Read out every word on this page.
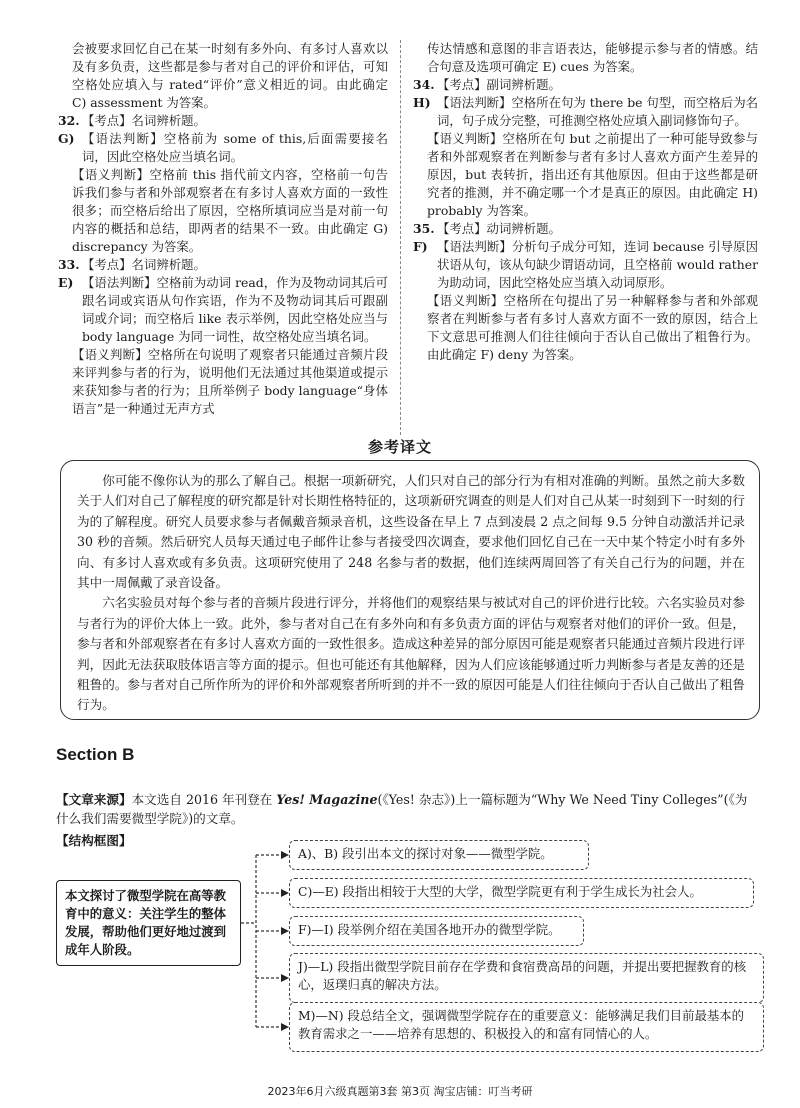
会被要求回忆自己在某一时刻有多外向、有多讨人喜欢以及有多负责，这些都是参与者对自己的评价和评估，可知空格处应填入与 rated“评价”意义相近的词。由此确定 C) assessment 为答案。

32. 【考点】名词辨析题。
G) 【语法判断】空格前为 some of this,后面需要接名词，因此空格处应当填名词。

【语义判断】空格前 this 指代前文内容，空格前一句告诉我们参与者和外部观察者在有多讨人喜欢方面的一致性很多；而空格后给出了原因，空格所填词应当是对前一句内容的概括和总结，即两者的结果不一致。由此确定 G) discrepancy 为答案。

33. 【考点】名词辨析题。
E) 【语法判断】空格前为动词 read，作为及物动词其后可跟名词或宾语从句作宾语，作为不及物动词其后可跟副词或介词；而空格后 like 表示举例，因此空格处应当与 body language 为同一词性，故空格处应当填名词。

【语义判断】空格所在句说明了观察者只能通过音频片段来评判参与者的行为，说明他们无法通过其他渠道或提示来获知参与者的行为；且所举例子 body language“身体语言”是一种通过无声方式

传达情感和意图的非言语表达，能够提示参与者的情感。结合句意及选项可确定 E) cues 为答案。

34. 【考点】副词辨析题。
H) 【语法判断】空格所在句为 there be 句型，而空格后为名词，句子成分完整，可推测空格处应填入副词修饰句子。

【语义判断】空格所在句 but 之前提出了一种可能导致参与者和外部观察者在判断参与者有多讨人喜欢方面产生差异的原因，but 表转折，指出还有其他原因。但由于这些都是研究者的推测，并不确定哪一个才是真正的原因。由此确定 H) probably 为答案。

35. 【考点】动词辨析题。
F) 【语法判断】分析句子成分可知，连词 because 引导原因状语从句，该从句缺少谓语动词，且空格前 would rather 为助动词，因此空格处应当填入动词原形。

【语义判断】空格所在句提出了另一种解释参与者和外部观察者在判断参与者有多讨人喜欢方面不一致的原因，结合上下文意思可推测人们往往倾向于否认自己做出了粗鲁行为。由此确定 F) deny 为答案。

参考译文

你可能不像你认为的那么了解自己。根据一项新研究，人们只对自己的部分行为有相对准确的判断。虽然之前大多数关于人们对自己了解程度的研究都是针对长期性格特征的，这项新研究调查的则是人们对自己从某一时刻到下一时刻的行为的了解程度。研究人员要求参与者佩戴音频录音机，这些设备在早上 7 点到凌晨 2 点之间每 9.5 分钟自动激活并记录 30 秒的音频。然后研究人员每天通过电子邮件让参与者接受四次调查，要求他们回忆自己在一天中某个特定小时有多外向、有多讨人喜欢或有多负责。这项研究使用了 248 名参与者的数据，他们连续两周回答了有关自己行为的问题，并在其中一周佩戴了录音设备。

六名实验员对每个参与者的音频片段进行评分，并将他们的观察结果与被试对自己的评价进行比较。六名实验员对参与者行为的评价大体上一致。此外，参与者对自己在有多外向和有多负责方面的评估与观察者对他们的评价一致。但是，参与者和外部观察者在有多讨人喜欢方面的一致性很多。造成这种差异的部分原因可能是观察者只能通过音频片段进行评判，因此无法获取肢体语言等方面的提示。但也可能还有其他解释，因为人们应该能够通过听力判断参与者是友善的还是粗鲁的。参与者对自己所作所为的评价和外部观察者所听到的并不一致的原因可能是人们往往倾向于否认自己做出了粗鲁行为。

Section B
【文章来源】本文选自 2016 年刊登在 Yes! Magazine(《Yes! 杂志》)上一篇标题为“Why We Need Tiny Colleges”(《为什么我们需要微型学院》)的文章。
【结构框图】
本文探讨了微型学院在高等教育中的意义：关注学生的整体发展，帮助他们更好地过渡到成年人阶段。
A)、B) 段引出本文的探讨对象——微型学院。
C)—E) 段指出相较于大型的大学，微型学院更有利于学生成长为社会人。
F)—I) 段举例介绍在美国各地开办的微型学院。
J)—L) 段指出微型学院目前存在学费和食宿费高昂的问题，并提出要把握教育的核心，返璞归真的解决方法。
M)—N) 段总结全文，强调微型学院存在的重要意义：能够满足我们目前最基本的教育需求之一——培养有思想的、积极投入的和富有同情心的人。
2023年6月六级真题第3套 第3页 淘宝店铺：叮当考研
